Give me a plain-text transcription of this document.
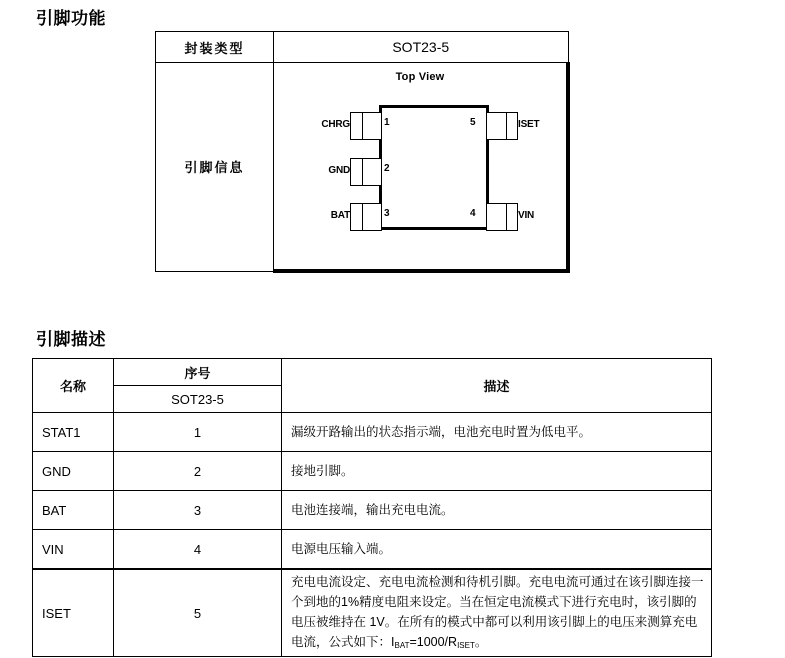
引脚功能
封装类型	SOT23-5
引脚信息	
Top View
CHRG
GND
BAT
ISET
VIN
1
2
3
5
4
引脚描述
名称	序号	描述
	SOT23-5	
STAT1	1	漏级开路输出的状态指示端，电池充电时置为低电平。
GND	2	接地引脚。
BAT	3	电池连接端，输出充电电流。
VIN	4	电源电压输入端。
ISET	5	充电电流设定、充电电流检测和待机引脚。充电电流可通过在该引脚连接一个到地的1%精度电阻来设定。当在恒定电流模式下进行充电时，该引脚的电压被维持在 1V。在所有的模式中都可以利用该引脚上的电压来测算充电电流，公式如下：$I_{BAT}=1000/R_{ISET}$。
